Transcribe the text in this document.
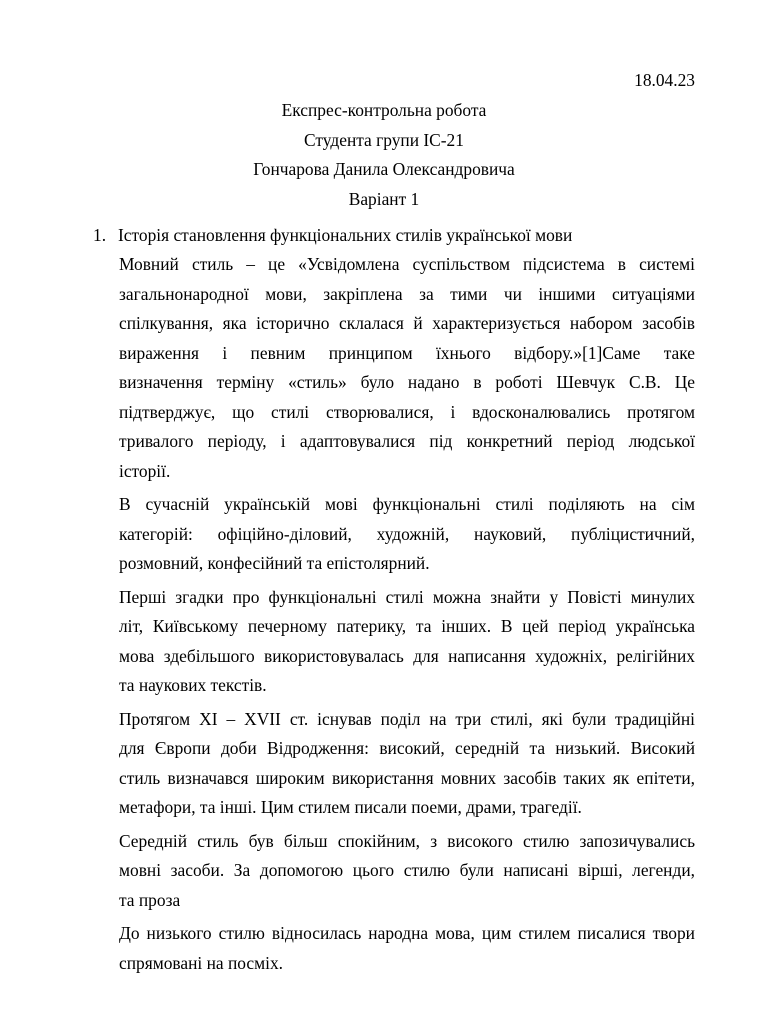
18.04.23
Експрес-контрольна робота
Студента групи ІС-21
Гончарова Данила Олександровича
Варіант 1
1. Історія становлення функціональних стилів української мови
Мовний стиль – це «Усвідомлена суспільством підсистема в системі
загальнонародної мови, закріплена за тими чи іншими ситуаціями
спілкування, яка історично склалася й характеризується набором засобів
вираження і певним принципом їхнього відбору.»[1]Саме таке
визначення терміну «стиль» було надано в роботі Шевчук С.В. Це
підтверджує, що стилі створювалися, і вдосконалювались протягом
тривалого періоду, і адаптовувалися під конкретний період людської
історії.
В сучасній українській мові функціональні стилі поділяють на сім
категорій: офіційно-діловий, художній, науковий, публіцистичний,
розмовний, конфесійний та епістолярний.
Перші згадки про функціональні стилі можна знайти у Повісті минулих
літ, Київському печерному патерику, та інших. В цей період українська
мова здебільшого використовувалась для написання художніх, релігійних
та наукових текстів.
Протягом XI – XVII ст. існував поділ на три стилі, які були традиційні
для Європи доби Відродження: високий, середній та низький. Високий
стиль визначався широким використання мовних засобів таких як епітети,
метафори, та інші. Цим стилем писали поеми, драми, трагедії.
Середній стиль був більш спокійним, з високого стилю запозичувались
мовні засоби. За допомогою цього стилю були написані вірші, легенди,
та проза
До низького стилю відносилась народна мова, цим стилем писалися твори
спрямовані на посміх.
